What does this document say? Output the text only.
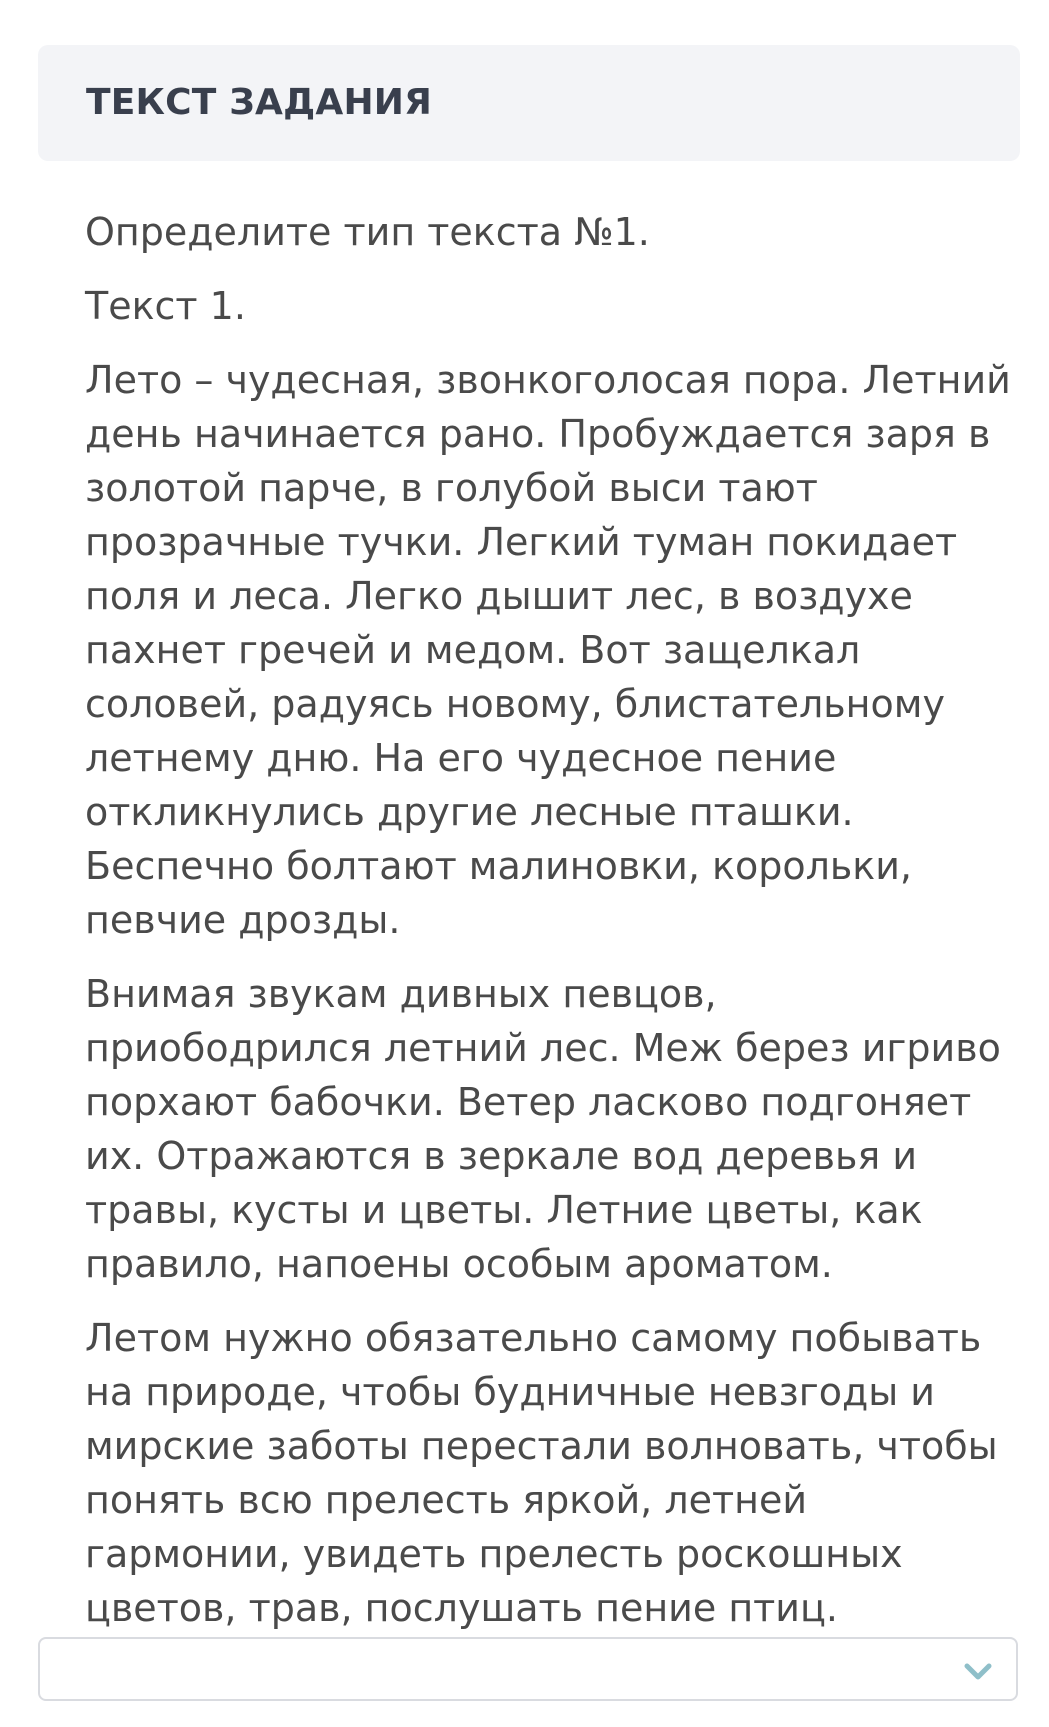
ТЕКСТ ЗАДАНИЯ

Определите тип текста №1.

Текст 1.

Лето – чудесная, звонкоголосая пора. Летний день начинается рано. Пробуждается заря в золотой парче, в голубой выси тают прозрачные тучки. Легкий туман покидает поля и леса. Легко дышит лес, в воздухе пахнет гречей и медом. Вот защелкал соловей, радуясь новому, блистательному летнему дню. На его чудесное пение откликнулись другие лесные пташки. Беспечно болтают малиновки, корольки, певчие дрозды.

Внимая звукам дивных певцов, приободрился летний лес. Меж берез игриво порхают бабочки. Ветер ласково подгоняет их. Отражаются в зеркале вод деревья и травы, кусты и цветы. Летние цветы, как правило, напоены особым ароматом.

Летом нужно обязательно самому побывать на природе, чтобы будничные невзгоды и мирские заботы перестали волновать, чтобы понять всю прелесть яркой, летней гармонии, увидеть прелесть роскошных цветов, трав, послушать пение птиц.
